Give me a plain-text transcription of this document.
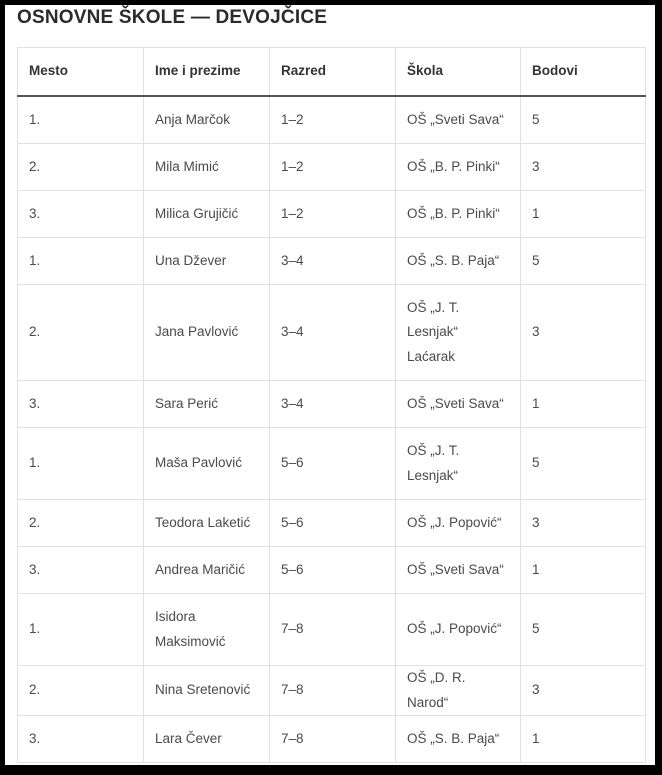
OSNOVNE ŠKOLE — DEVOJČICE
Mesto	Ime i prezime	Razred	Škola	Bodovi
1.	Anja Marčok	1–2	OŠ „Sveti Sava“	5
2.	Mila Mimić	1–2	OŠ „B. P. Pinki“	3
3.	Milica Grujičić	1–2	OŠ „B. P. Pinki“	1
1.	Una Džever	3–4	OŠ „S. B. Paja“	5
2.	Jana Pavlović	3–4	OŠ „J. T. Lesnjak“ Laćarak	3
3.	Sara Perić	3–4	OŠ „Sveti Sava“	1
1.	Maša Pavlović	5–6	OŠ „J. T. Lesnjak“	5
2.	Teodora Laketić	5–6	OŠ „J. Popović“	3
3.	Andrea Maričić	5–6	OŠ „Sveti Sava“	1
1.	Isidora Maksimović	7–8	OŠ „J. Popović“	5
2.	Nina Sretenović	7–8	OŠ „D. R. Narod“	3
3.	Lara Čever	7–8	OŠ „S. B. Paja“	1
